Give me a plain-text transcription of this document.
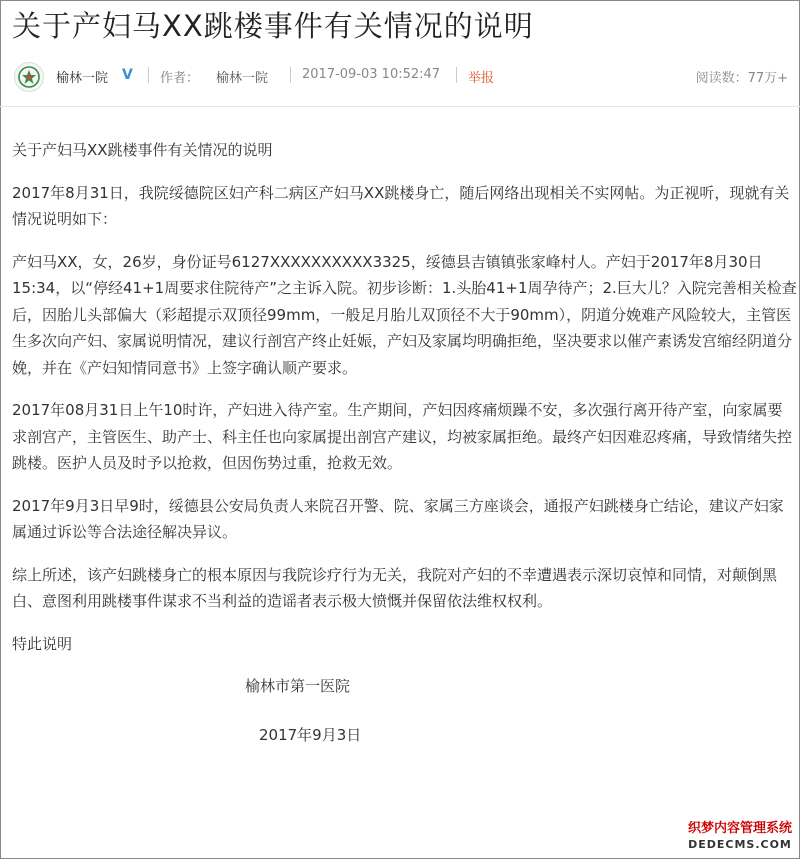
关于产妇马XX跳楼事件有关情况的说明
榆林一院 V 作者： 榆林一院	2017-09-03 10:52:47 举报	阅读数：77万+

关于产妇马XX跳楼事件有关情况的说明

2017年8月31日，我院绥德院区妇产科二病区产妇马XX跳楼身亡，随后网络出现相关不实网帖。为正视听，现就有关情况说明如下：

产妇马XX，女，26岁，身份证号6127XXXXXXXXXX3325，绥德县吉镇镇张家峰村人。产妇于2017年8月30日15:34，以“停经41+1周要求住院待产”之主诉入院。初步诊断：1.头胎41+1周孕待产；2.巨大儿？入院完善相关检查后，因胎儿头部偏大（彩超提示双顶径99mm，一般足月胎儿双顶径不大于90mm），阴道分娩难产风险较大，主管医生多次向产妇、家属说明情况，建议行剖宫产终止妊娠，产妇及家属均明确拒绝，坚决要求以催产素诱发宫缩经阴道分娩，并在《产妇知情同意书》上签字确认顺产要求。

2017年08月31日上午10时许，产妇进入待产室。生产期间，产妇因疼痛烦躁不安，多次强行离开待产室，向家属要求剖宫产，主管医生、助产士、科主任也向家属提出剖宫产建议，均被家属拒绝。最终产妇因难忍疼痛，导致情绪失控跳楼。医护人员及时予以抢救，但因伤势过重，抢救无效。

2017年9月3日早9时，绥德县公安局负责人来院召开警、院、家属三方座谈会，通报产妇跳楼身亡结论，建议产妇家属通过诉讼等合法途径解决异议。

综上所述，该产妇跳楼身亡的根本原因与我院诊疗行为无关，我院对产妇的不幸遭遇表示深切哀悼和同情，对颠倒黑白、意图利用跳楼事件谋求不当利益的造谣者表示极大愤慨并保留依法维权权利。

特此说明

榆林市第一医院

2017年9月3日

织梦内容管理系统
DEDECMS.COM
